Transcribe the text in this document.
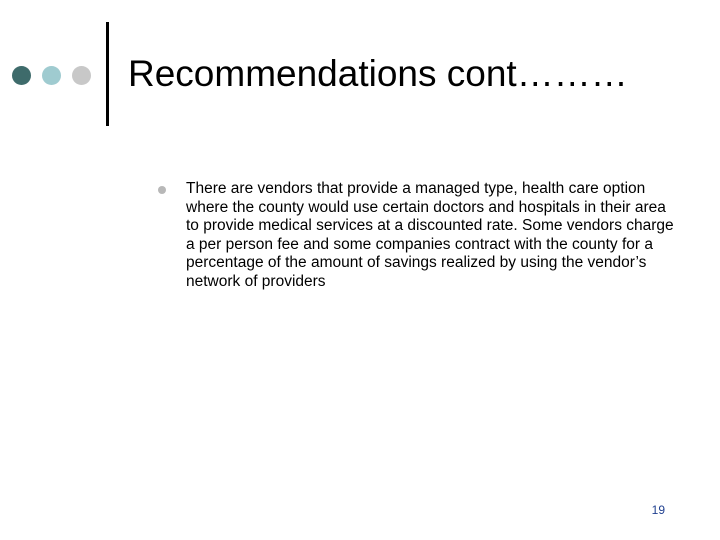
Recommendations cont………
There are vendors that provide a managed type, health care option where the county would use certain doctors and hospitals in their area to provide medical services at a discounted rate. Some vendors charge a per person fee and some companies contract with the county for a percentage of the amount of savings realized by using the vendor’s network of providers
19
